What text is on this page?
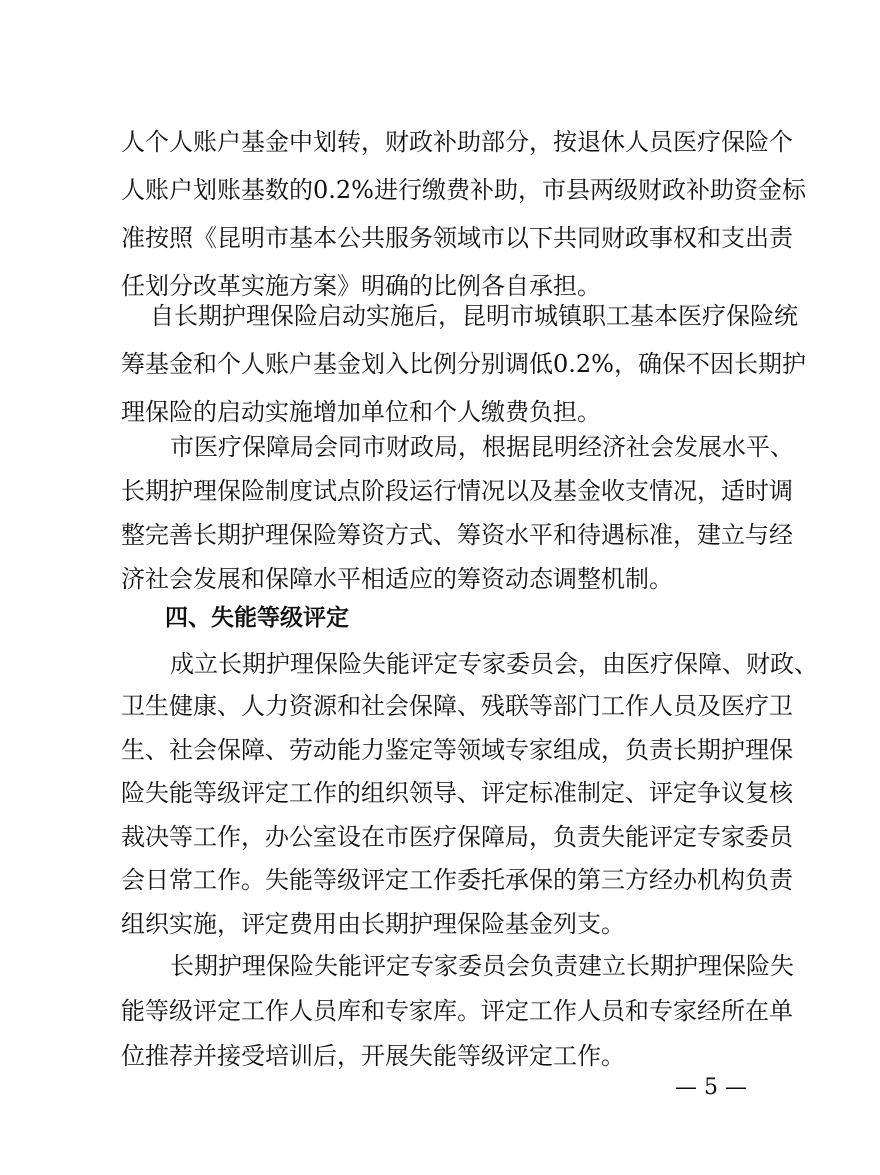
人个人账户基金中划转，财政补助部分，按退休人员医疗保险个
人账户划账基数的0.2%进行缴费补助，市县两级财政补助资金标
准按照《昆明市基本公共服务领域市以下共同财政事权和支出责
任划分改革实施方案》明确的比例各自承担。
自长期护理保险启动实施后，昆明市城镇职工基本医疗保险统
筹基金和个人账户基金划入比例分别调低0.2%，确保不因长期护
理保险的启动实施增加单位和个人缴费负担。
市医疗保障局会同市财政局，根据昆明经济社会发展水平、
长期护理保险制度试点阶段运行情况以及基金收支情况，适时调
整完善长期护理保险筹资方式、筹资水平和待遇标准，建立与经
济社会发展和保障水平相适应的筹资动态调整机制。
四、失能等级评定
成立长期护理保险失能评定专家委员会，由医疗保障、财政、
卫生健康、人力资源和社会保障、残联等部门工作人员及医疗卫
生、社会保障、劳动能力鉴定等领域专家组成，负责长期护理保
险失能等级评定工作的组织领导、评定标准制定、评定争议复核
裁决等工作，办公室设在市医疗保障局，负责失能评定专家委员
会日常工作。失能等级评定工作委托承保的第三方经办机构负责
组织实施，评定费用由长期护理保险基金列支。
长期护理保险失能评定专家委员会负责建立长期护理保险失
能等级评定工作人员库和专家库。评定工作人员和专家经所在单
位推荐并接受培训后，开展失能等级评定工作。
— 5 —
